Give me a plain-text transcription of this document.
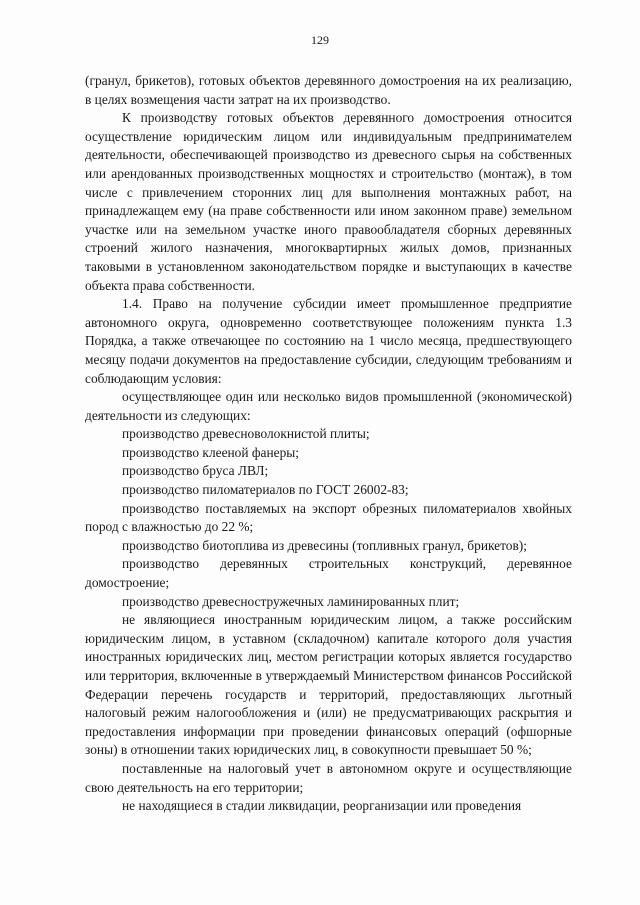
129

(гранул, брикетов), готовых объектов деревянного домостроения на их реализацию, в целях возмещения части затрат на их производство.

К производству готовых объектов деревянного домостроения относится осуществление юридическим лицом или индивидуальным предпринимателем деятельности, обеспечивающей производство из древесного сырья на собственных или арендованных производственных мощностях и строительство (монтаж), в том числе с привлечением сторонних лиц для выполнения монтажных работ, на принадлежащем ему (на праве собственности или ином законном праве) земельном участке или на земельном участке иного правообладателя сборных деревянных строений жилого назначения, многоквартирных жилых домов, признанных таковыми в установленном законодательством порядке и выступающих в качестве объекта права собственности.

1.4. Право на получение субсидии имеет промышленное предприятие автономного округа, одновременно соответствующее положениям пункта 1.3 Порядка, а также отвечающее по состоянию на 1 число месяца, предшествующего месяцу подачи документов на предоставление субсидии, следующим требованиям и соблюдающим условия:

осуществляющее один или несколько видов промышленной (экономической) деятельности из следующих:

производство древесноволокнистой плиты;

производство клееной фанеры;

производство бруса ЛВЛ;

производство пиломатериалов по ГОСТ 26002-83;

производство поставляемых на экспорт обрезных пиломатериалов хвойных пород с влажностью до 22 %;

производство биотоплива из древесины (топливных гранул, брикетов);

производство деревянных строительных конструкций, деревянное домостроение;

производство древесностружечных ламинированных плит;

не являющиеся иностранным юридическим лицом, а также российским юридическим лицом, в уставном (складочном) капитале которого доля участия иностранных юридических лиц, местом регистрации которых является государство или территория, включенные в утверждаемый Министерством финансов Российской Федерации перечень государств и территорий, предоставляющих льготный налоговый режим налогообложения и (или) не предусматривающих раскрытия и предоставления информации при проведении финансовых операций (офшорные зоны) в отношении таких юридических лиц, в совокупности превышает 50 %;

поставленные на налоговый учет в автономном округе и осуществляющие свою деятельность на его территории;

не находящиеся в стадии ликвидации, реорганизации или проведения
